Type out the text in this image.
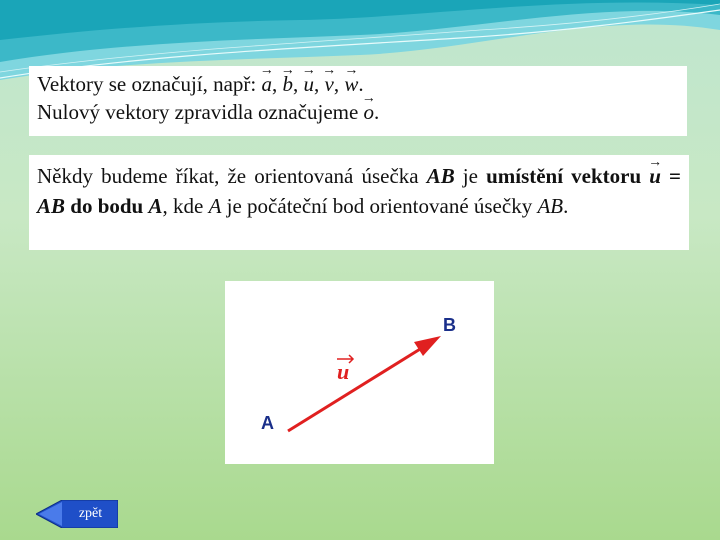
Vektory se označují, např: → a, → b, → u, → v, → w.
Nulový vektory zpravidla označujeme → o.
Někdy budeme říkat, že orientovaná úsečka AB je umístění vektoru → u = AB do bodu A, kde A je počáteční bod orientované úsečky AB.
A
B
u
zpět
